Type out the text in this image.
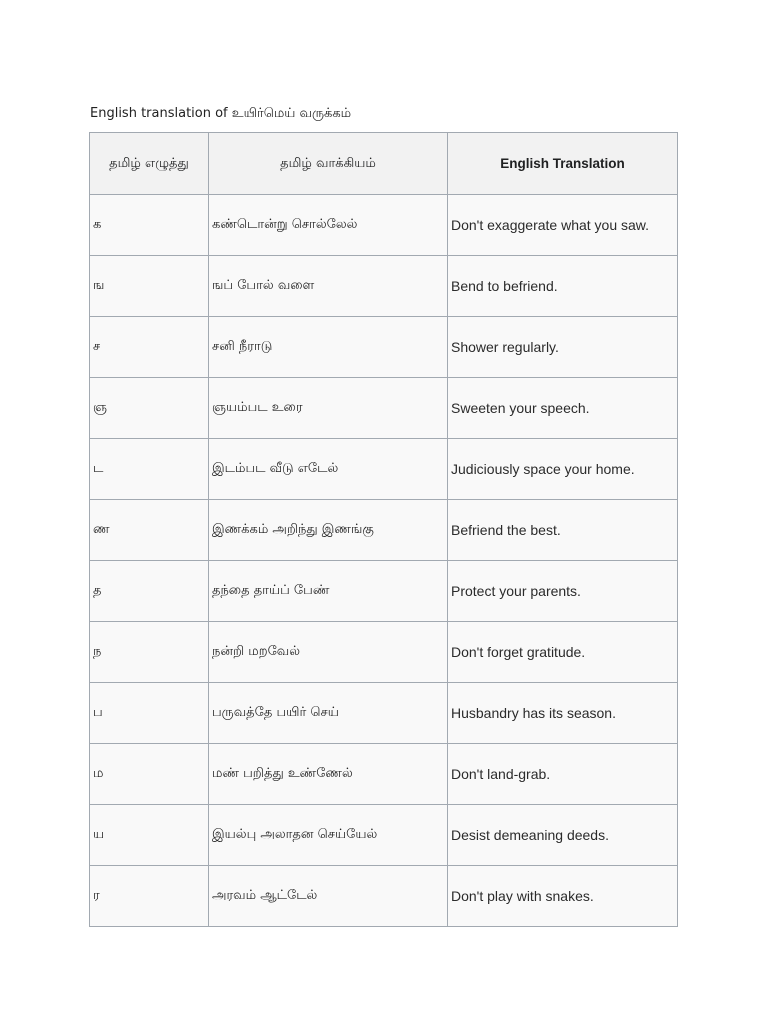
English translation of உயிர்மெய் வருக்கம்
தமிழ் எழுத்து	தமிழ் வாக்கியம்	English Translation
க	கண்டொன்று சொல்லேல்	Don't exaggerate what you saw.
ங	ஙப் போல் வளை	Bend to befriend.
ச	சனி நீராடு	Shower regularly.
ஞ	ஞயம்பட உரை	Sweeten your speech.
ட	இடம்பட வீடு எடேல்	Judiciously space your home.
ண	இணக்கம் அறிந்து இணங்கு	Befriend the best.
த	தந்தை தாய்ப் பேண்	Protect your parents.
ந	நன்றி மறவேல்	Don't forget gratitude.
ப	பருவத்தே பயிர் செய்	Husbandry has its season.
ம	மண் பறித்து உண்ணேல்	Don't land-grab.
ய	இயல்பு அலாதன செய்யேல்	Desist demeaning deeds.
ர	அரவம் ஆட்டேல்	Don't play with snakes.
